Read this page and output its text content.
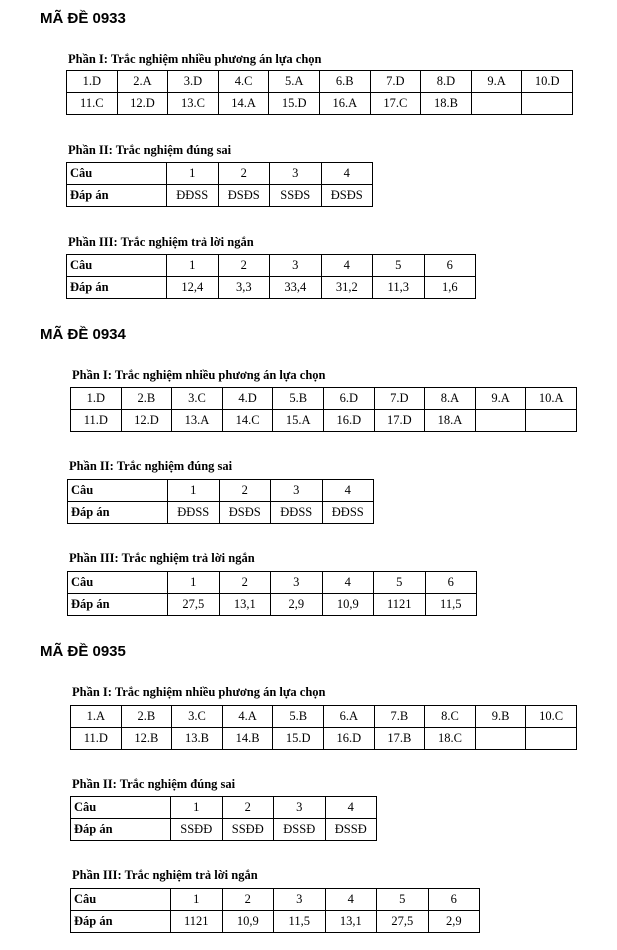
MÃ ĐỀ 0933

Phần I: Trắc nghiệm nhiều phương án lựa chọn

1.D	2.A	3.D	4.C	5.A	6.B	7.D	8.D	9.A	10.D
11.C	12.D	13.C	14.A	15.D	16.A	17.C	18.B		

Phần II: Trắc nghiệm đúng sai

Câu	1	2	3	4
Đáp án	ĐĐSS	ĐSĐS	SSĐS	ĐSĐS

Phần III: Trắc nghiệm trả lời ngắn

Câu	1	2	3	4	5	6
Đáp án	12,4	3,3	33,4	31,2	11,3	1,6
MÃ ĐỀ 0934

Phần I: Trắc nghiệm nhiều phương án lựa chọn

1.D	2.B	3.C	4.D	5.B	6.D	7.D	8.A	9.A	10.A
11.D	12.D	13.A	14.C	15.A	16.D	17.D	18.A		

Phần II: Trắc nghiệm đúng sai

Câu	1	2	3	4
Đáp án	ĐĐSS	ĐSĐS	ĐĐSS	ĐĐSS

Phần III: Trắc nghiệm trả lời ngắn

Câu	1	2	3	4	5	6
Đáp án	27,5	13,1	2,9	10,9	1121	11,5
MÃ ĐỀ 0935

Phần I: Trắc nghiệm nhiều phương án lựa chọn

1.A	2.B	3.C	4.A	5.B	6.A	7.B	8.C	9.B	10.C
11.D	12.B	13.B	14.B	15.D	16.D	17.B	18.C		

Phần II: Trắc nghiệm đúng sai

Câu	1	2	3	4
Đáp án	SSĐĐ	SSĐĐ	ĐSSĐ	ĐSSĐ

Phần III: Trắc nghiệm trả lời ngắn

Câu	1	2	3	4	5	6
Đáp án	1121	10,9	11,5	13,1	27,5	2,9
